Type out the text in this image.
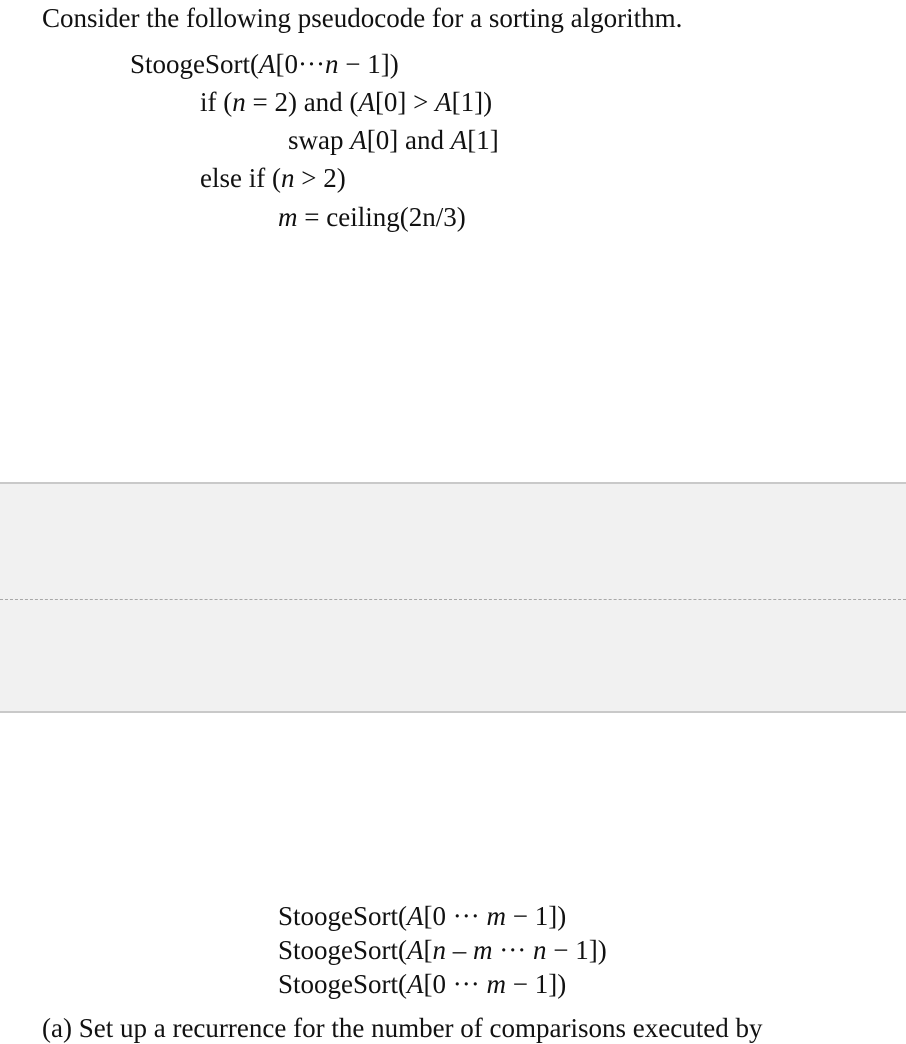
Consider the following pseudocode for a sorting algorithm.
StoogeSort(A[0···n − 1])
if (n = 2) and (A[0] > A[1])
swap A[0] and A[1]
else if (n > 2)
m = ceiling(2n/3)
StoogeSort(A[0 ··· m − 1])
StoogeSort(A[n – m ··· n − 1])
StoogeSort(A[0 ··· m − 1])
(a) Set up a recurrence for the number of comparisons executed by
